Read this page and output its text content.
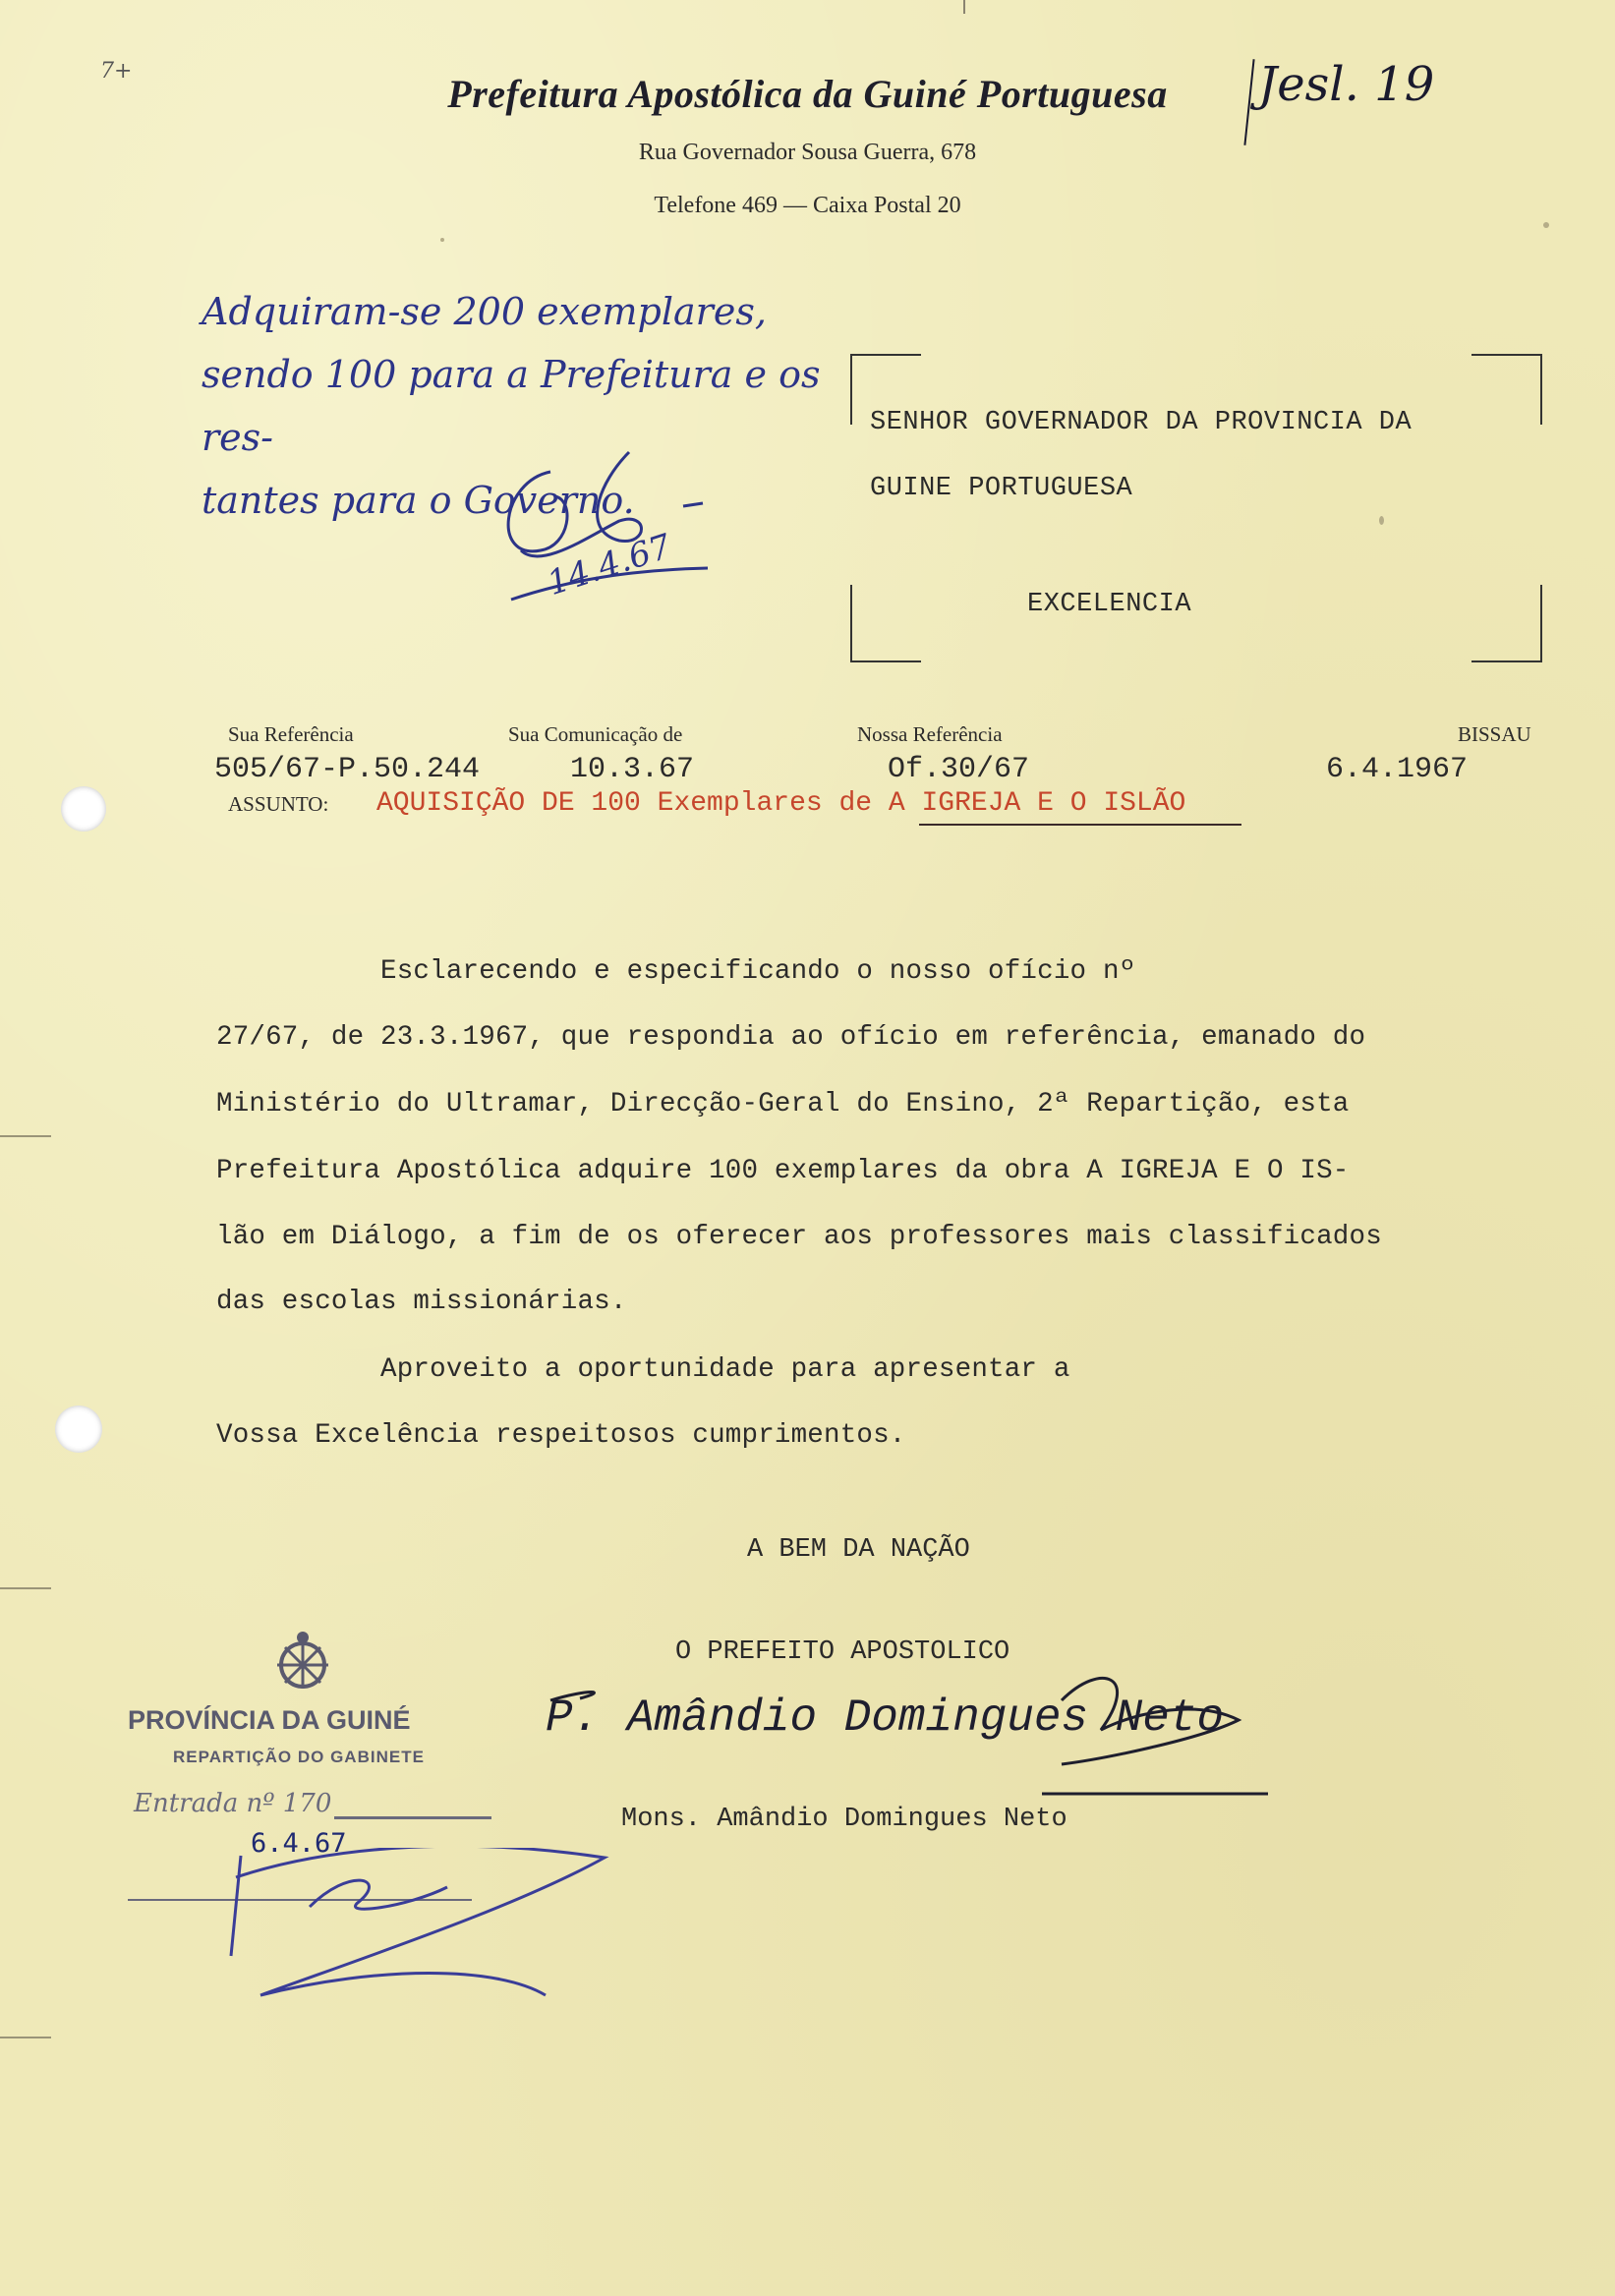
7+
Prefeitura Apostólica da Guiné Portuguesa
Rua Governador Sousa Guerra, 678
Telefone 469 — Caixa Postal 20
Jesl. 19
Adquiram-se 200 exemplares,
sendo 100 para a Prefeitura e os res-
tantes para o Governo.
14.4.67
SENHOR GOVERNADOR DA PROVINCIA DA
GUINE PORTUGUESA
EXCELENCIA
Sua Referência	Sua Comunicação de	Nossa Referência	BISSAU
505/67-P.50.244	10.3.67	Of.30/67	6.4.1967
ASSUNTO: AQUISIÇÃO DE 100 Exemplares de A IGREJA E O ISLÃO
Esclarecendo e especificando o nosso ofício nº
27/67, de 23.3.1967, que respondia ao ofício em referência, emanado do
Ministério do Ultramar, Direcção-Geral do Ensino, 2ª Repartição, esta
Prefeitura Apostólica adquire 100 exemplares da obra A IGREJA E O IS-
lão em Diálogo, a fim de os oferecer aos professores mais classificados
das escolas missionárias.
Aproveito a oportunidade para apresentar a
Vossa Excelência respeitosos cumprimentos.
A BEM DA NAÇÃO
O PREFEITO APOSTOLICO
PROVÍNCIA DA GUINÉ
REPARTIÇÃO DO GABINETE
Entrada nº 170
6.4.67
P. Amândio Domingues Neto
Mons. Amândio Domingues Neto
